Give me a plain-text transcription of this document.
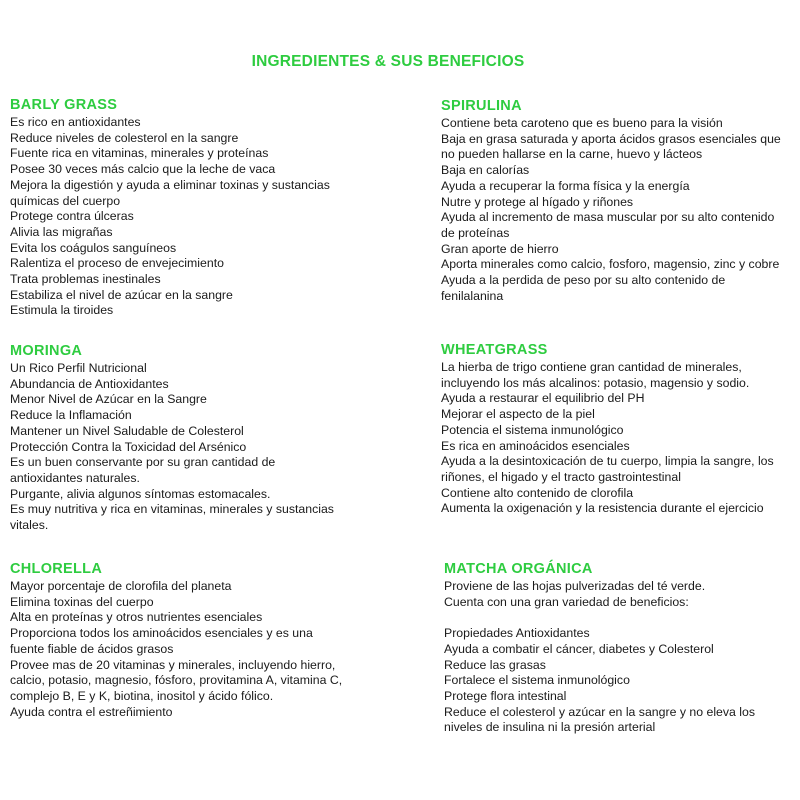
INGREDIENTES & SUS BENEFICIOS
BARLY GRASS
Es rico en antioxidantes
Reduce niveles de colesterol en la sangre
Fuente rica en vitaminas, minerales y proteínas
Posee 30 veces más calcio que la leche de vaca
Mejora la digestión y ayuda a eliminar toxinas y sustancias
químicas del cuerpo
Protege contra úlceras
Alivia las migrañas
Evita los coágulos sanguíneos
Ralentiza el proceso de envejecimiento
Trata problemas inestinales
Estabiliza el nivel de azúcar en la sangre
Estimula la tiroides
SPIRULINA
Contiene beta caroteno que es bueno para la visión
Baja en grasa saturada y aporta ácidos grasos esenciales que
no pueden hallarse en la carne, huevo y lácteos
Baja en calorías
Ayuda a recuperar la forma física y la energía
Nutre y protege al hígado y riñones
Ayuda al incremento de masa muscular por su alto contenido
de proteínas
Gran aporte de hierro
Aporta minerales como calcio, fosforo, magensio, zinc y cobre
Ayuda a la perdida de peso por su alto contenido de
fenilalanina
MORINGA
Un Rico Perfil Nutricional
Abundancia de Antioxidantes
Menor Nivel de Azúcar en la Sangre
Reduce la Inflamación
Mantener un Nivel Saludable de Colesterol
Protección Contra la Toxicidad del Arsénico
Es un buen conservante por su gran cantidad de
antioxidantes naturales.
Purgante, alivia algunos síntomas estomacales.
Es muy nutritiva y rica en vitaminas, minerales y sustancias
vitales.
WHEATGRASS
La hierba de trigo contiene gran cantidad de minerales,
incluyendo los más alcalinos: potasio, magensio y sodio.
Ayuda a restaurar el equilibrio del PH
Mejorar el aspecto de la piel
Potencia el sistema inmunológico
Es rica en aminoácidos esenciales
Ayuda a la desintoxicación de tu cuerpo, limpia la sangre, los
riñones, el higado y el tracto gastrointestinal
Contiene alto contenido de clorofila
Aumenta la oxigenación y la resistencia durante el ejercicio
CHLORELLA
Mayor porcentaje de clorofila del planeta
Elimina toxinas del cuerpo
Alta en proteínas y otros nutrientes esenciales
Proporciona todos los aminoácidos esenciales y es una
fuente fiable de ácidos grasos
Provee mas de 20 vitaminas y minerales, incluyendo hierro,
calcio, potasio, magnesio, fósforo, provitamina A, vitamina C,
complejo B, E y K, biotina, inositol y ácido fólico.
Ayuda contra el estreñimiento
MATCHA ORGÁNICA
Proviene de las hojas pulverizadas del té verde.
Cuenta con una gran variedad de beneficios:
Propiedades Antioxidantes
Ayuda a combatir el cáncer, diabetes y Colesterol
Reduce las grasas
Fortalece el sistema inmunológico
Protege flora intestinal
Reduce el colesterol y azúcar en la sangre y no eleva los
niveles de insulina ni la presión arterial
